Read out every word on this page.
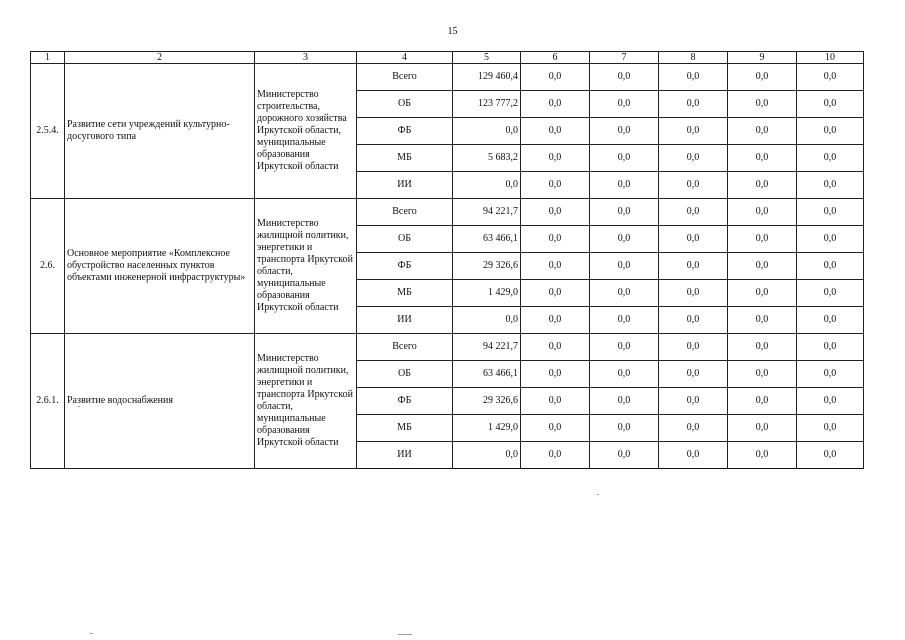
15
1	2	3	4	5	6	7	8	9	10
2.5.4.	Развитие сети учреждений культурно-досугового типа	Министерство строительства, дорожного хозяйства Иркутской области, муниципальные образования Иркутской области	Всего	129 460,4	0,0	0,0	0,0	0,0	0,0
			ОБ	123 777,2	0,0	0,0	0,0	0,0	0,0
			ФБ	0,0	0,0	0,0	0,0	0,0	0,0
			МБ	5 683,2	0,0	0,0	0,0	0,0	0,0
			ИИ	0,0	0,0	0,0	0,0	0,0	0,0
2.6.	Основное мероприятие «Комплексное обустройство населенных пунктов объектами инженерной инфраструктуры»	Министерство жилищной политики, энергетики и транспорта Иркутской области, муниципальные образования Иркутской области	Всего	94 221,7	0,0	0,0	0,0	0,0	0,0
			ОБ	63 466,1	0,0	0,0	0,0	0,0	0,0
			ФБ	29 326,6	0,0	0,0	0,0	0,0	0,0
			МБ	1 429,0	0,0	0,0	0,0	0,0	0,0
			ИИ	0,0	0,0	0,0	0,0	0,0	0,0
2.6.1.	Развитие водоснабжения	Министерство жилищной политики, энергетики и транспорта Иркутской области, муниципальные образования Иркутской области	Всего	94 221,7	0,0	0,0	0,0	0,0	0,0
			ОБ	63 466,1	0,0	0,0	0,0	0,0	0,0
			ФБ	29 326,6	0,0	0,0	0,0	0,0	0,0
			МБ	1 429,0	0,0	0,0	0,0	0,0	0,0
			ИИ	0,0	0,0	0,0	0,0	0,0	0,0
